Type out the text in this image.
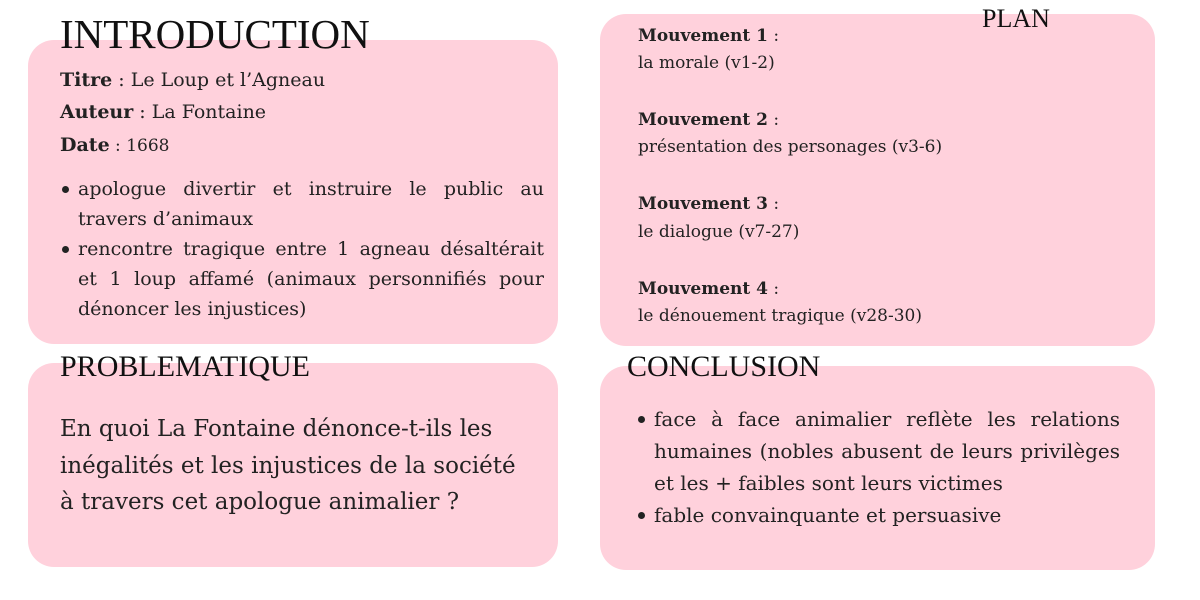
INTRODUCTION
Titre : Le Loup et l’Agneau
Auteur : La Fontaine
Date : 1668
apologue divertir et instruire le public au travers d’animaux
rencontre tragique entre 1 agneau désaltérait et 1 loup affamé (animaux personnifiés pour dénoncer les injustices)
PLAN
Mouvement 1 :
la morale (v1-2)
Mouvement 2 :
présentation des personages (v3-6)
Mouvement 3 :
le dialogue (v7-27)
Mouvement 4 :
le dénouement tragique (v28-30)
PROBLEMATIQUE
En quoi La Fontaine dénonce-t-ils les
inégalités et les injustices de la société
à travers cet apologue animalier ?
CONCLUSION
face à face animalier reflète les relations humaines (nobles abusent de leurs privilèges et les + faibles sont leurs victimes
fable convainquante et persuasive
